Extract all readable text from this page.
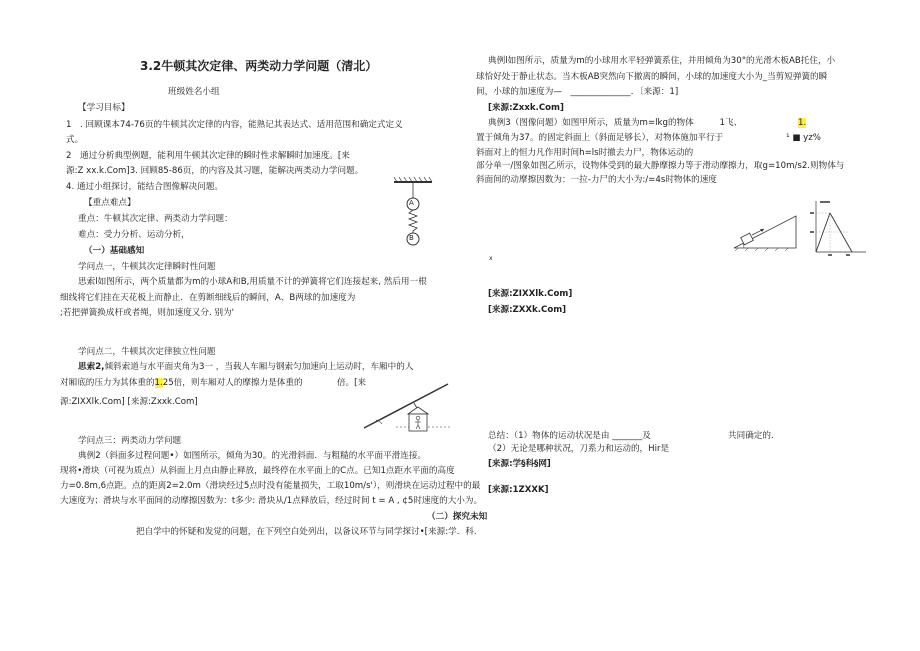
3.2牛顿其次定律、两类动力学问题（清北）
班级姓名小组
【学习目标】
1　. 回顾课本74-76页的牛顿其次定律的内容，能熟记其表达式、适用范围和确定式定义
式。
2　通过分析典型例题，能利用牛顿其次定律的瞬时性求解瞬时加速度。[来
源:Z xx.k.Com]3. 回顾85-86页，的内容及其习题，能解决两类动力学问题。
4. 通过小组探讨，能结合图像解决问题。
【重点难点】
重点：牛顿其次定律、两类动力学问题：
难点：受力分析、运动分析，
（一）基础感知
学问点一，牛顿其次定律瞬时性问题
思索l如图所示，两个质量都为m的小球A和B,用质量不计的弹簧将它们连接起来, 然后用一根
细线将它们挂在天花板上而静止．在剪断细线后的瞬间，A、B两球的加速度为
;若把弹簧换成杆或者绳，则加速度又分. 别为'
A
B
学问点二，牛顿其次定律独立性问题
思索2,倾斜索道与水平面夹角为3一 ，当载人车厢与钢索匀加速向上运动时，车厢中的人
对厢底的压力为其体重的1.25倍，则车厢对人的摩擦力是体重的　　　　倍。[来
源:ZIXXlk.Com] [来源:Zxxk.Com]
学问点三：两类动力学问题
典例2（斜面多过程问题•）如图所示，倾角为30。的光滑斜面．与粗糙的水平面平滑连接。
现将•滑块（可视为质点）从斜面上月点由静止释放，最终停在水平面上的C点。已知1点距水平面的高度
力=0.8m,6点距。点的距离2=2.0m（滑块经过5点时没有能量损失，工取10m/s'），则滑块在运动过程中的最
大速度为；滑块与水平面间的动摩擦因数为：t多少: 滑块从/1点释放后，经过时间 t = A , ¢5时速度的大小为。
（二）探究未知
把自学中的怀疑和发觉的问题，在下列空白处列出，以备议环节与同学探讨•[来源:学．科.
典例l如图所示，质量为m的小球用水平轻弹簧系住，并用倾角为30°的光滑木板AB托住，小
球恰好处于静止状态。当木板AB突然向下撤离的瞬间，小球的加速度大小为_当剪短弹簧的瞬
间，小球的加速度为—　______________．〔来源：1]
[来源:Zxxk.Com]
典例3（图像问题）如图甲所示，质量为m=lkg的物体　　　1飞、　　　　　　　1.
置于倾角为37。的固定斜面上（斜面足够长），对物体施加平行于　　　　　　　 ¹ ■ yz%
斜面对上的恒力凡作用时间h=ls时撤去力尸，物体运动的
部分单一/图象如图乙所示，设物体受到的最大静摩擦力等于滑动摩擦力，取g=10m/s2.则物体与
斜面间的动摩擦因数为：一拉-力尸的大小为:/=4s时物体的速度
x
[来源:ZIXXlk.Com]
[来源:ZXXk.Com]
总结：（1）物体的运动状况是由 _______及	共同确定的.
（2）无论是哪种状况，刀系力和运动的，Hir是
[来源:学§科§网]
[来源:1ZXXK]
